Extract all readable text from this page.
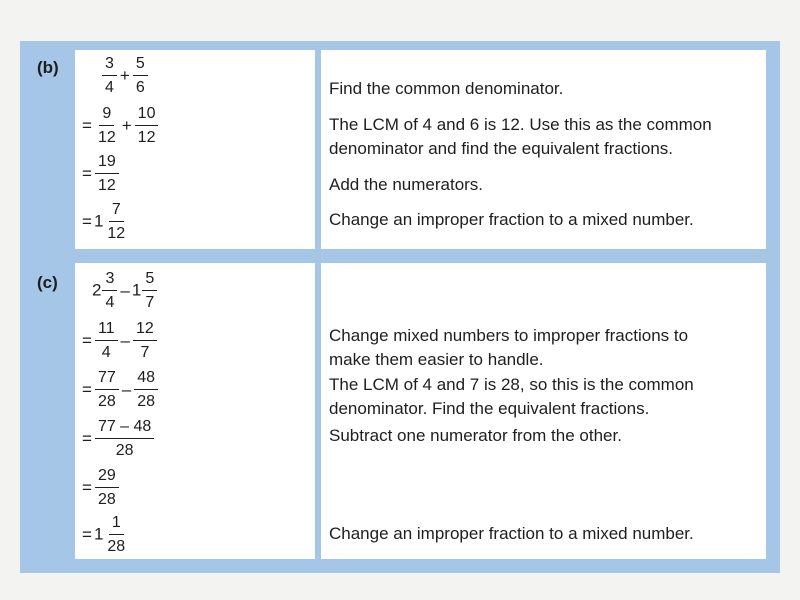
(b)	$\frac{3}{4} + \frac{5}{6}$
= $\frac{9}{12} + \frac{10}{12}$
= $\frac{19}{12}$
= $1 \frac{7}{12}$
Find the common denominator.
The LCM of 4 and 6 is 12. Use this as the common
denominator and find the equivalent fractions.
Add the numerators.
Change an improper fraction to a mixed number.
(c) $2 \frac{3}{4} - 1 \frac{5}{7}$
= $\frac{11}{4} - \frac{12}{7}$
= $\frac{77}{28} - \frac{48}{28}$
= $\frac{77 - 48}{28}$
= $\frac{29}{28}$
= $1 \frac{1}{28}$
Change mixed numbers to improper fractions to
make them easier to handle.
The LCM of 4 and 7 is 28, so this is the common
denominator. Find the equivalent fractions.
Subtract one numerator from the other.
Change an improper fraction to a mixed number.
